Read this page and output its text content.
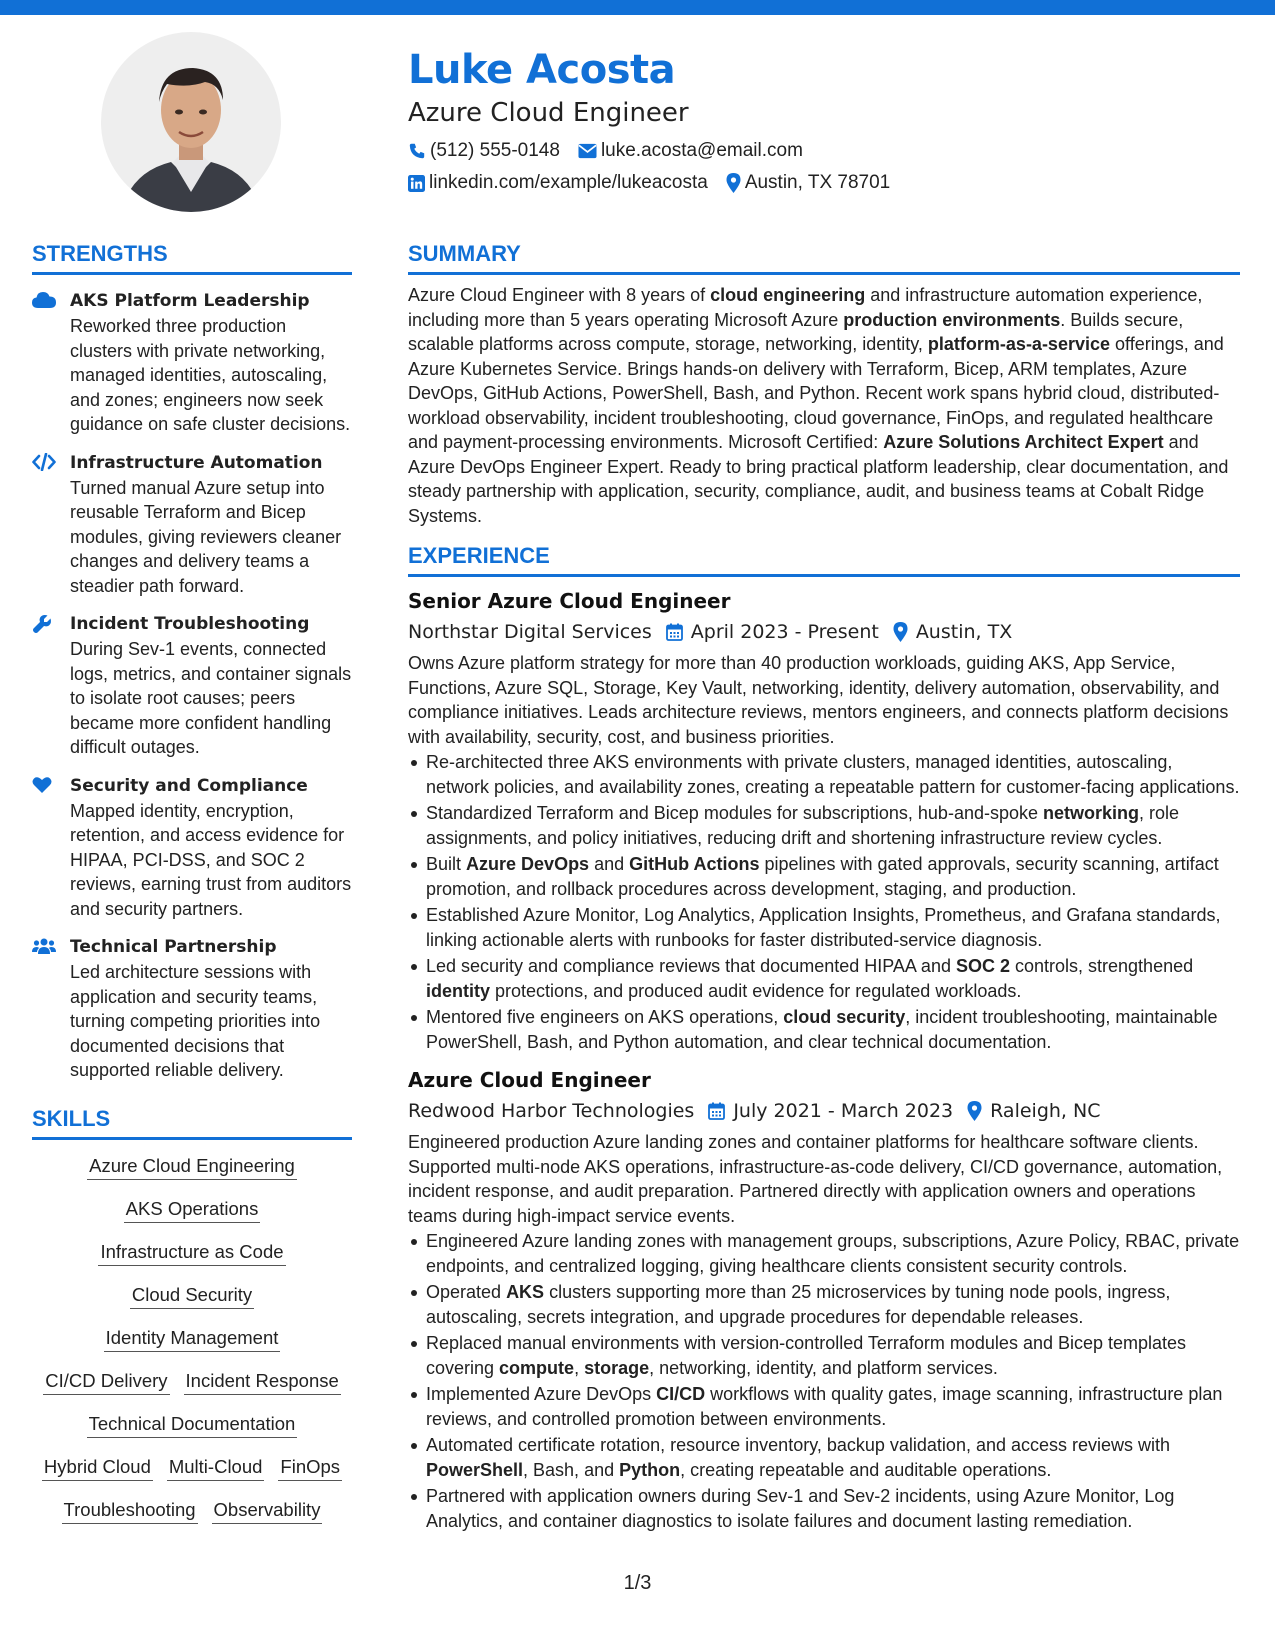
Luke Acosta
Azure Cloud Engineer
(512) 555-0148 luke.acosta@email.com
linkedin.com/example/lukeacosta Austin, TX 78701
STRENGTHS
AKS Platform Leadership
Reworked three production clusters with private networking, managed identities, autoscaling, and zones; engineers now seek guidance on safe cluster decisions.
Infrastructure Automation
Turned manual Azure setup into reusable Terraform and Bicep modules, giving reviewers cleaner changes and delivery teams a steadier path forward.
Incident Troubleshooting
During Sev-1 events, connected logs, metrics, and container signals to isolate root causes; peers became more confident handling difficult outages.
Security and Compliance
Mapped identity, encryption, retention, and access evidence for HIPAA, PCI-DSS, and SOC 2 reviews, earning trust from auditors and security partners.
Technical Partnership
Led architecture sessions with application and security teams, turning competing priorities into documented decisions that supported reliable delivery.
SKILLS
Azure Cloud Engineering
AKS Operations
Infrastructure as Code
Cloud Security
Identity Management
CI/CD Delivery Incident Response
Technical Documentation
Hybrid Cloud Multi-Cloud FinOps
Troubleshooting Observability
SUMMARY
Azure Cloud Engineer with 8 years of cloud engineering and infrastructure automation experience, including more than 5 years operating Microsoft Azure production environments. Builds secure, scalable platforms across compute, storage, networking, identity, platform-as-a-service offerings, and Azure Kubernetes Service. Brings hands-on delivery with Terraform, Bicep, ARM templates, Azure DevOps, GitHub Actions, PowerShell, Bash, and Python. Recent work spans hybrid cloud, distributed-workload observability, incident troubleshooting, cloud governance, FinOps, and regulated healthcare and payment-processing environments. Microsoft Certified: Azure Solutions Architect Expert and Azure DevOps Engineer Expert. Ready to bring practical platform leadership, clear documentation, and steady partnership with application, security, compliance, audit, and business teams at Cobalt Ridge Systems.
EXPERIENCE
Senior Azure Cloud Engineer
Northstar Digital Services April 2023 - Present Austin, TX
Owns Azure platform strategy for more than 40 production workloads, guiding AKS, App Service, Functions, Azure SQL, Storage, Key Vault, networking, identity, delivery automation, observability, and compliance initiatives. Leads architecture reviews, mentors engineers, and connects platform decisions with availability, security, cost, and business priorities.
Re-architected three AKS environments with private clusters, managed identities, autoscaling, network policies, and availability zones, creating a repeatable pattern for customer-facing applications.
Standardized Terraform and Bicep modules for subscriptions, hub-and-spoke networking, role assignments, and policy initiatives, reducing drift and shortening infrastructure review cycles.
Built Azure DevOps and GitHub Actions pipelines with gated approvals, security scanning, artifact promotion, and rollback procedures across development, staging, and production.
Established Azure Monitor, Log Analytics, Application Insights, Prometheus, and Grafana standards, linking actionable alerts with runbooks for faster distributed-service diagnosis.
Led security and compliance reviews that documented HIPAA and SOC 2 controls, strengthened identity protections, and produced audit evidence for regulated workloads.
Mentored five engineers on AKS operations, cloud security, incident troubleshooting, maintainable PowerShell, Bash, and Python automation, and clear technical documentation.
Azure Cloud Engineer
Redwood Harbor Technologies July 2021 - March 2023 Raleigh, NC
Engineered production Azure landing zones and container platforms for healthcare software clients. Supported multi-node AKS operations, infrastructure-as-code delivery, CI/CD governance, automation, incident response, and audit preparation. Partnered directly with application owners and operations teams during high-impact service events.
Engineered Azure landing zones with management groups, subscriptions, Azure Policy, RBAC, private endpoints, and centralized logging, giving healthcare clients consistent security controls.
Operated AKS clusters supporting more than 25 microservices by tuning node pools, ingress, autoscaling, secrets integration, and upgrade procedures for dependable releases.
Replaced manual environments with version-controlled Terraform modules and Bicep templates covering compute, storage, networking, identity, and platform services.
Implemented Azure DevOps CI/CD workflows with quality gates, image scanning, infrastructure plan reviews, and controlled promotion between environments.
Automated certificate rotation, resource inventory, backup validation, and access reviews with PowerShell, Bash, and Python, creating repeatable and auditable operations.
Partnered with application owners during Sev-1 and Sev-2 incidents, using Azure Monitor, Log Analytics, and container diagnostics to isolate failures and document lasting remediation.
1/3
